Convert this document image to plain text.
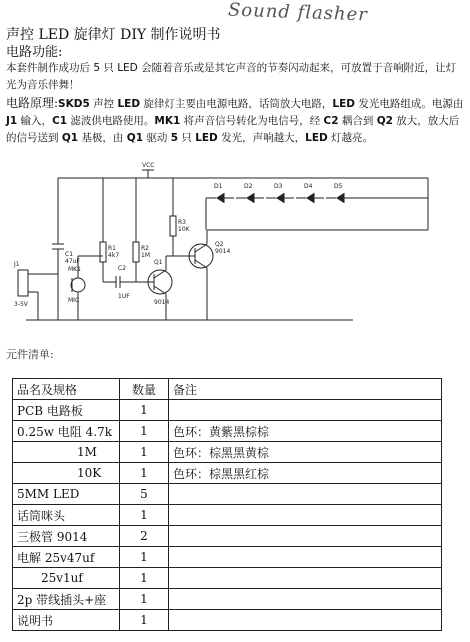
Sound flasher
声控 LED 旋律灯 DIY 制作说明书
电路功能:
本套件制作成功后 5 只 LED 会随着音乐或是其它声音的节奏闪动起来，可放置于音响附近，让灯光为音乐伴舞！
电路原理:SKD5 声控 LED 旋律灯主要由电源电路，话筒放大电路，LED 发光电路组成。电源由 J1 输入，C1 滤波供电路使用。MK1 将声音信号转化为电信号，经 C2 耦合到 Q2 放大，放大后的信号送到 Q1 基极，由 Q1 驱动 5 只 LED 发光，声响越大，LED 灯越亮。
VCC
D1	D2	D3	D4	D5
R3
10K
R1
4k7
R2
1M
C1
47uF
C2
1UF
MK1
MIC
Q1
9014
Q2
9014
J1
3-5V
元件清单:
品名及规格	数量	备注
PCB 电路板	1	
0.25w 电阻 4.7k	1	色环：黄紫黑棕棕
1M	1	色环：棕黑黑黄棕
10K	1	色环：棕黑黑红棕
5MM LED	5	
话筒咪头	1	
三极管 9014	2	
电解 25v47uf	1	
25v1uf	1	
2p 带线插头+座	1	
说明书	1	
